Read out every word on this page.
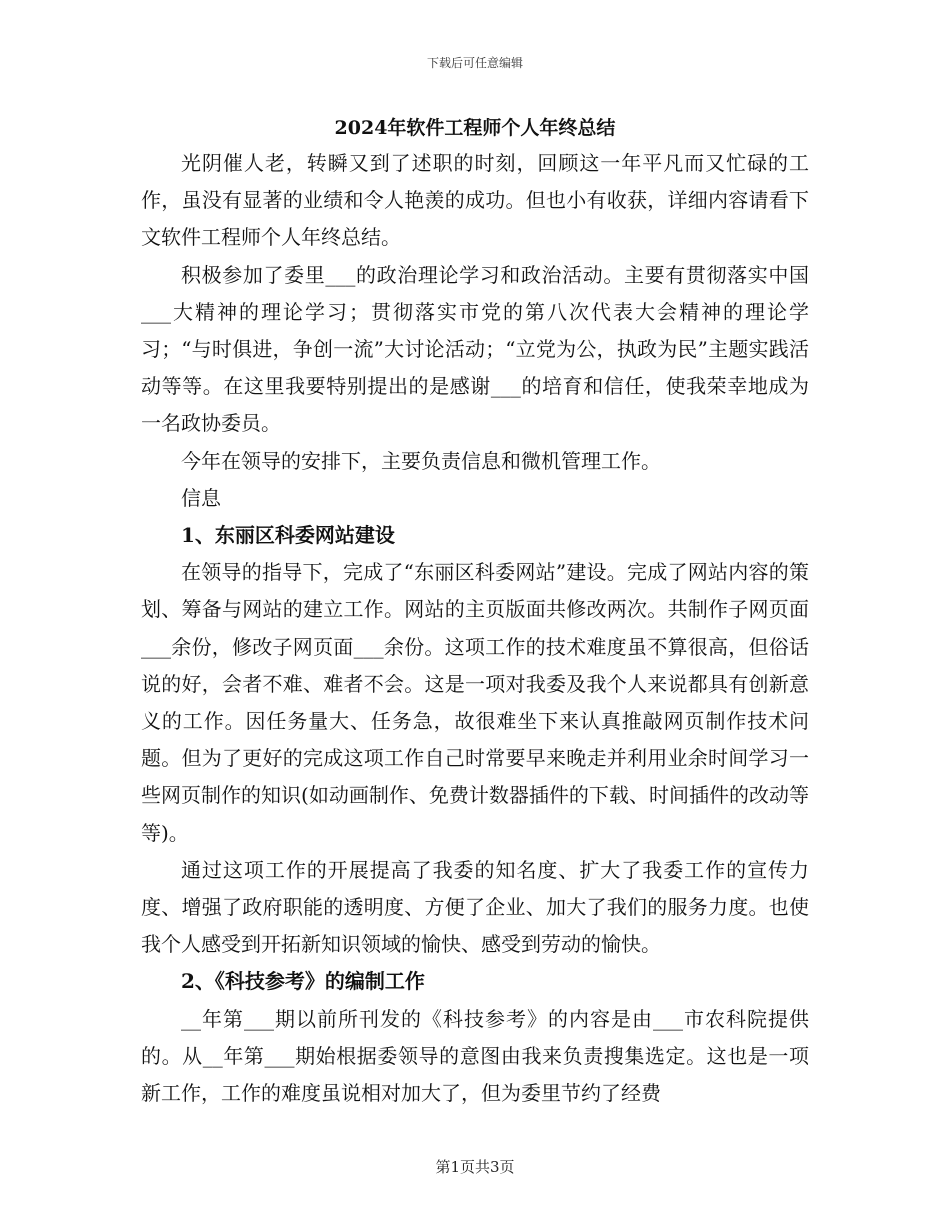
下载后可任意编辑
2024年软件工程师个人年终总结

光阴催人老，转瞬又到了述职的时刻，回顾这一年平凡而又忙碌的工作，虽没有显著的业绩和令人艳羡的成功。但也小有收获，详细内容请看下文软件工程师个人年终总结。

积极参加了委里___的政治理论学习和政治活动。主要有贯彻落实中国___大精神的理论学习；贯彻落实市党的第八次代表大会精神的理论学习；“与时俱进，争创一流”大讨论活动；“立党为公，执政为民”主题实践活动等等。在这里我要特别提出的是感谢___的培育和信任，使我荣幸地成为一名政协委员。

今年在领导的安排下，主要负责信息和微机管理工作。

信息

1、东丽区科委网站建设

在领导的指导下，完成了“东丽区科委网站”建设。完成了网站内容的策划、筹备与网站的建立工作。网站的主页版面共修改两次。共制作子网页面___余份，修改子网页面___余份。这项工作的技术难度虽不算很高，但俗话说的好，会者不难、难者不会。这是一项对我委及我个人来说都具有创新意义的工作。因任务量大、任务急，故很难坐下来认真推敲网页制作技术问题。但为了更好的完成这项工作自己时常要早来晚走并利用业余时间学习一些网页制作的知识(如动画制作、免费计数器插件的下载、时间插件的改动等等)。

通过这项工作的开展提高了我委的知名度、扩大了我委工作的宣传力度、增强了政府职能的透明度、方便了企业、加大了我们的服务力度。也使我个人感受到开拓新知识领域的愉快、感受到劳动的愉快。

2、《科技参考》的编制工作

__年第___期以前所刊发的《科技参考》的内容是由___市农科院提供的。从__年第___期始根据委领导的意图由我来负责搜集选定。这也是一项新工作，工作的难度虽说相对加大了，但为委里节约了经费

第1页共3页
